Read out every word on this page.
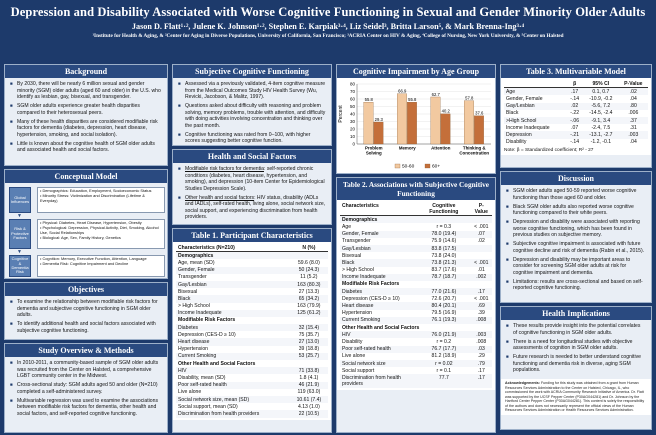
Depression and Disability Associated with Worse Cognitive Functioning in Sexual and Gender Minority Older Adults
Jason D. Flatt¹·², Julene K. Johnson¹·², Stephen E. Karpiak³·⁴, Liz Seidel³, Britta Larson⁵, & Mark Brenna-Ing³·⁴
¹Institute for Health & Aging, & ²Center for Aging in Diverse Populations, University of California, San Francisco; ³ACRIA Center on HIV & Aging, ⁴College of Nursing, New York University, & ⁵Center on Halsted
Background
■ By 2030, there will be nearly 6 million sexual and gender minority (SGM) older adults (aged 60 and older) in the U.S. who identify as lesbian, gay, bisexual, and transgender.
■ SGM older adults experience greater health disparities compared to their heterosexual peers.
■ Many of these health disparities are considered modifiable risk factors for dementia (diabetes, depression, heart disease, hypertension, smoking, and social isolation).
■ Little is known about the cognitive health of SGM older adults and associated health and social factors.
Conceptual Model
Global Influences
• Demographics: Education, Employment, Socioeconomic Status
• Minority Stress: Victimization and Discrimination (Lifetime & Everyday)
▼
Risk & Protective Factors
• Physical: Diabetes, Heart Disease, Hypertension, Obesity
• Psychological: Depression, Physical Activity, Diet, Smoking, Alcohol Use, Social Relationships
• Biological: Age, Sex, Family History, Genetics
▼
Cognitive & Dementia Risk
• Cognition: Memory, Executive Function, Attention, Language
• Dementia Risk: Cognitive Impairment and Decline
Objectives
■ To examine the relationship between modifiable risk factors for dementia and subjective cognitive functioning in SGM older adults.
■ To identify additional health and social factors associated with subjective cognitive functioning.
Study Overview & Methods
■ In 2010-2011, a community-based sample of SGM older adults was recruited from the Center on Halsted, a comprehensive LGBT community center in the Midwest.
■ Cross-sectional study: SGM adults aged 50 and older (N=210) completed a self-administered survey.
■ Multivariable regression was used to examine the associations between modifiable risk factors for dementia, other health and social factors, and self-reported cognitive functioning.
Subjective Cognitive Functioning
■ Assessed via a previously validated, 4-item cognitive measure from the Medical Outcomes Study HIV Health Survey (Wu, Revicki, Jacobson, & Malitz, 1997).
■ Questions asked about difficulty with reasoning and problem solving, memory problems, trouble with attention, and difficulty with doing activities involving concentration and thinking over the past month.
■ Cognitive functioning was rated from 0–100, with higher scores suggesting better cognitive function.
Health and Social Factors
■ Modifiable risk factors for dementia: self-reported chronic conditions (diabetes, heart disease, hypertension, and smoking), and depression (10-item Center for Epidemiological Studies Depression Scale).
■ Other health and social factors: HIV status, disability (ADLs and IADLs), self-rated health, living alone, social network size, social support, and experiencing discrimination from health providers.
Table 1. Participant Characteristics
Characteristics (N=210)	N (%)
Demographics	
Age, mean (SD)	59.6 (8.0)
Gender, Female	50 (24.3)
Transgender	11 (5.2)
Gay/Lesbian	163 (80.3)
Bisexual	27 (13.3)
Black	65 (34.2)
> High School	163 (79.9)
Income Inadequate	125 (61.2)
Modifiable Risk Factors	
Diabetes	32 (15.4)
Depression (CES-D ≥ 10)	75 (35.7)
Heart disease	27 (13.0)
Hypertension	39 (18.8)
Current Smoking	53 (25.7)
Other Health and Social Factors	
HIV	71 (33.8)
Disability, mean (SD)	1.8 (4.1)
Poor self-rated health	46 (21.9)
Live alone	119 (63.0)
Social network size, mean (SD)	10.61 (7.4)
Social support, mean (SD)	4.13 (1.0)
Discrimination from health providers	22 (10.5)
Cognitive Impairment by Age Group
0
10
20
30
40
50
60
70
80
Percent
55.8
29.3
Problem
Solving
66.9
55.8
Memory
62.7
40.2
Attention
57.8
37.6
Thinking &
Concentration
50-60	60+
Table 2. Associations with Subjective Cognitive Functioning
Characteristics	Cognitive Functioning	P-Value
Demographics		
Age	r = 0.3	< .001
Gender, Female	78.0 (19.4)	.07
Transgender	75.9 (14.6)	.02
Gay/Lesbian	83.8 (17.5)	
Bisexual	73.8 (24.0)	
Black	73.8 (21.3)	< .001
> High School	83.7 (17.6)	.01
Income Inadequate	78.7 (18.7)	.002
Modifiable Risk Factors		
Diabetes	77.0 (21.6)	.17
Depression (CES-D ≥ 10)	72.6 (20.7)	< .001
Heart disease	80.4 (20.1)	.69
Hypertension	79.5 (16.9)	.39
Current Smoking	76.1 (19.3)	.008
Other Health and Social Factors		
HIV	76.0 (21.9)	.003
Disability	r = 0.2	.008
Poor self-rated health	76.7 (17.7)	.03
Live alone	81.2 (18.9)	.29
Social network size	r = 0.02	.79
Social support	r = 0.1	.17
Discrimination from health providers	77.7	.17
Table 3. Multivariable Model
	β	95% CI	P-Value
Age	.17	0.1, 0.7	.02
Gender, Female	-.14	-10.9, -0.2	.04
Gay/Lesbian	.02	-5.6, 7.2	.80
Black	-.22	-14.5, -2.4	.006
>High School	-.06	-9.1, 3.4	.37
Income Inadequate	.07	-2.4, 7.5	.31
Depression	-.21	-13.1, -2.7	.003
Disability	-.14	-1.2, -0.1	.04
Note: β = Standardized coefficient; R² - 27
Discussion
■ SGM older adults aged 50-59 reported worse cognitive functioning than those aged 60 and older.
■ Black SGM older adults also reported worse cognitive functioning compared to their white peers.
■ Depression and disability were associated with reporting worse cognitive functioning, which has been found in previous studies on subjective memory.
■ Subjective cognitive impairment is associated with future cognitive decline and risk of dementia (Rabin et al., 2015).
■ Depression and disability may be important areas to consider for screening SGM older adults at risk for cognitive impairment and dementia.
■ Limitations: results are cross-sectional and based on self-reported cognitive functioning.
Health Implications
■ These results provide insight into the potential correlates of cognitive functioning in SGM older adults.
■ There is a need for longitudinal studies with objective assessments of cognition in SGM older adults.
■ Future research is needed to better understand cognitive functioning and dementia risk in diverse, aging SGM populations.
Acknowledgements: Funding for this study was obtained from a grant from Human Resources Services Administration to the Center on Halsted, Chicago, IL, who commissioned the work with ACRIA Community Research Initiative of America. Dr. Flatt was supported by the UCSF Pepper Center (P30AG044281) and Dr. Johnson by the Hartford Center Pepper Center (P30AG044281). This content is solely the responsibility of the authors and does not necessarily represent the official views of the Human Resources Services Administration or Health Resources Services Administration.
